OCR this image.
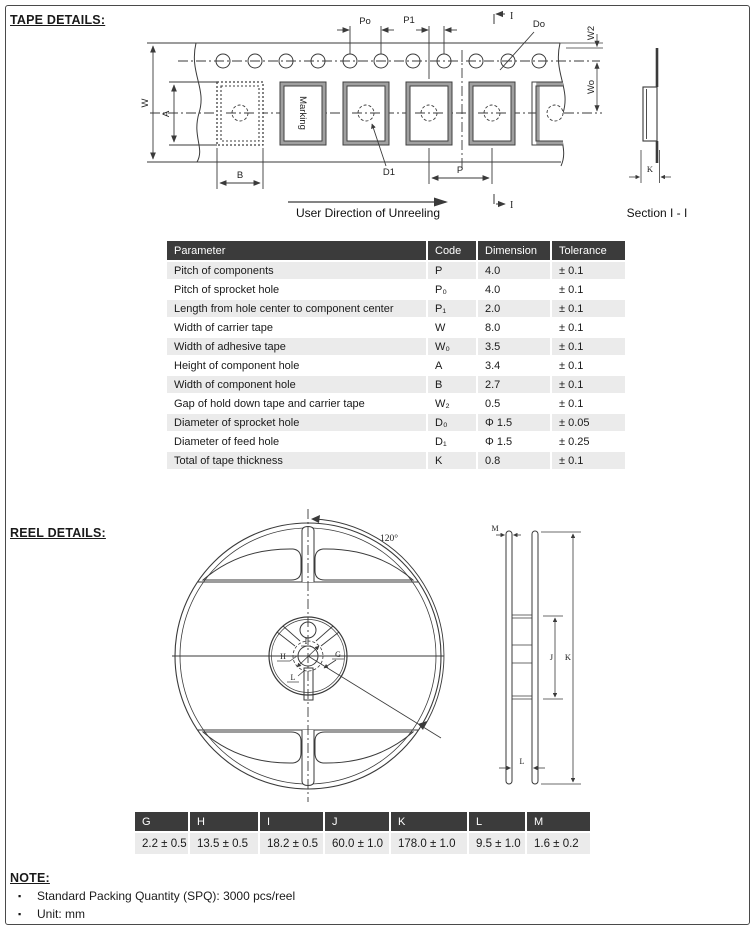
TAPE DETAILS:
Marking
W
A
B	P
Po	P1	I
I
Do
D1
W2
Wo
K
User Direction of Unreeling	Section I - I
Parameter	Code	Dimension	Tolerance
Pitch of components	P	4.0	± 0.1
Pitch of sprocket hole	P₀	4.0	± 0.1
Length from hole center to component center	P₁	2.0	± 0.1
Width of carrier tape	W	8.0	± 0.1
Width of adhesive tape	W₀	3.5	± 0.1
Height of component hole	A	3.4	± 0.1
Width of component hole	B	2.7	± 0.1
Gap of hold down tape and carrier tape	W₂	0.5	± 0.1
Diameter of sprocket hole	D₀	Φ 1.5	± 0.05
Diameter of feed hole	D₁	Φ 1.5	± 0.25
Total of tape thickness	K	0.8	± 0.1
REEL DETAILS:
H	G
I
L
120°
M
K
J
L
G	H	I	J	K	L	M
2.2 ± 0.5	13.5 ± 0.5	18.2 ± 0.5	60.0 ± 1.0	178.0 ± 1.0	9.5 ± 1.0	1.6 ± 0.2
NOTE:
▪ Standard Packing Quantity (SPQ): 3000 pcs/reel
▪ Unit: mm
